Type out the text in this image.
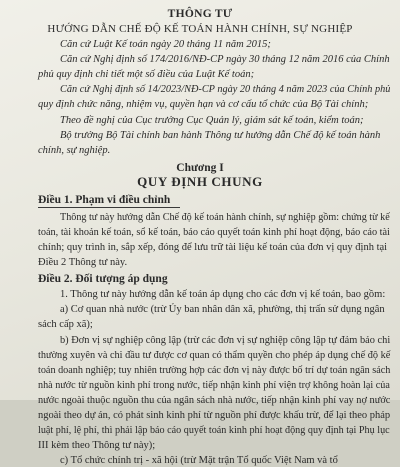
THÔNG TƯ
HƯỚNG DẪN CHẾ ĐỘ KẾ TOÁN HÀNH CHÍNH, SỰ NGHIỆP
Căn cứ Luật Kế toán ngày 20 tháng 11 năm 2015;
Căn cứ Nghị định số 174/2016/NĐ-CP ngày 30 tháng 12 năm 2016 của Chính
phủ quy định chi tiết một số điều của Luật Kế toán;
Căn cứ Nghị định số 14/2023/NĐ-CP ngày 20 tháng 4 năm 2023 của Chính phủ
quy định chức năng, nhiệm vụ, quyền hạn và cơ cấu tổ chức của Bộ Tài chính;
Theo đề nghị của Cục trưởng Cục Quản lý, giám sát kế toán, kiểm toán;
Bộ trưởng Bộ Tài chính ban hành Thông tư hướng dẫn Chế độ kế toán hành
chính, sự nghiệp.
Chương I
QUY ĐỊNH CHUNG
Điều 1. Phạm vi điều chỉnh
Thông tư này hướng dẫn Chế độ kế toán hành chính, sự nghiệp gồm: chứng từ kế
toán, tài khoản kế toán, sổ kế toán, báo cáo quyết toán kinh phí hoạt động, báo cáo tài
chính; quy trình in, sắp xếp, đóng để lưu trữ tài liệu kế toán của đơn vị quy định tại
Điều 2 Thông tư này.
Điều 2. Đối tượng áp dụng
1. Thông tư này hướng dẫn kế toán áp dụng cho các đơn vị kế toán, bao gồm:
a) Cơ quan nhà nước (trừ Ủy ban nhân dân xã, phường, thị trấn sử dụng ngân
sách cấp xã);
b) Đơn vị sự nghiệp công lập (trừ các đơn vị sự nghiệp công lập tự đảm bảo chi
thường xuyên và chi đầu tư được cơ quan có thẩm quyền cho phép áp dụng chế độ kế
toán doanh nghiệp; tuy nhiên trường hợp các đơn vị này được bố trí dự toán ngân sách
nhà nước từ nguồn kinh phí trong nước, tiếp nhận kinh phí viện trợ không hoàn lại của
nước ngoài thuộc nguồn thu của ngân sách nhà nước, tiếp nhận kinh phí vay nợ nước
ngoài theo dự án, có phát sinh kinh phí từ nguồn phí được khấu trừ, để lại theo pháp
luật phí, lệ phí, thì phải lập báo cáo quyết toán kinh phí hoạt động quy định tại Phụ lục
III kèm theo Thông tư này);
c) Tổ chức chính trị - xã hội (trừ Mặt trận Tổ quốc Việt Nam và tổ
